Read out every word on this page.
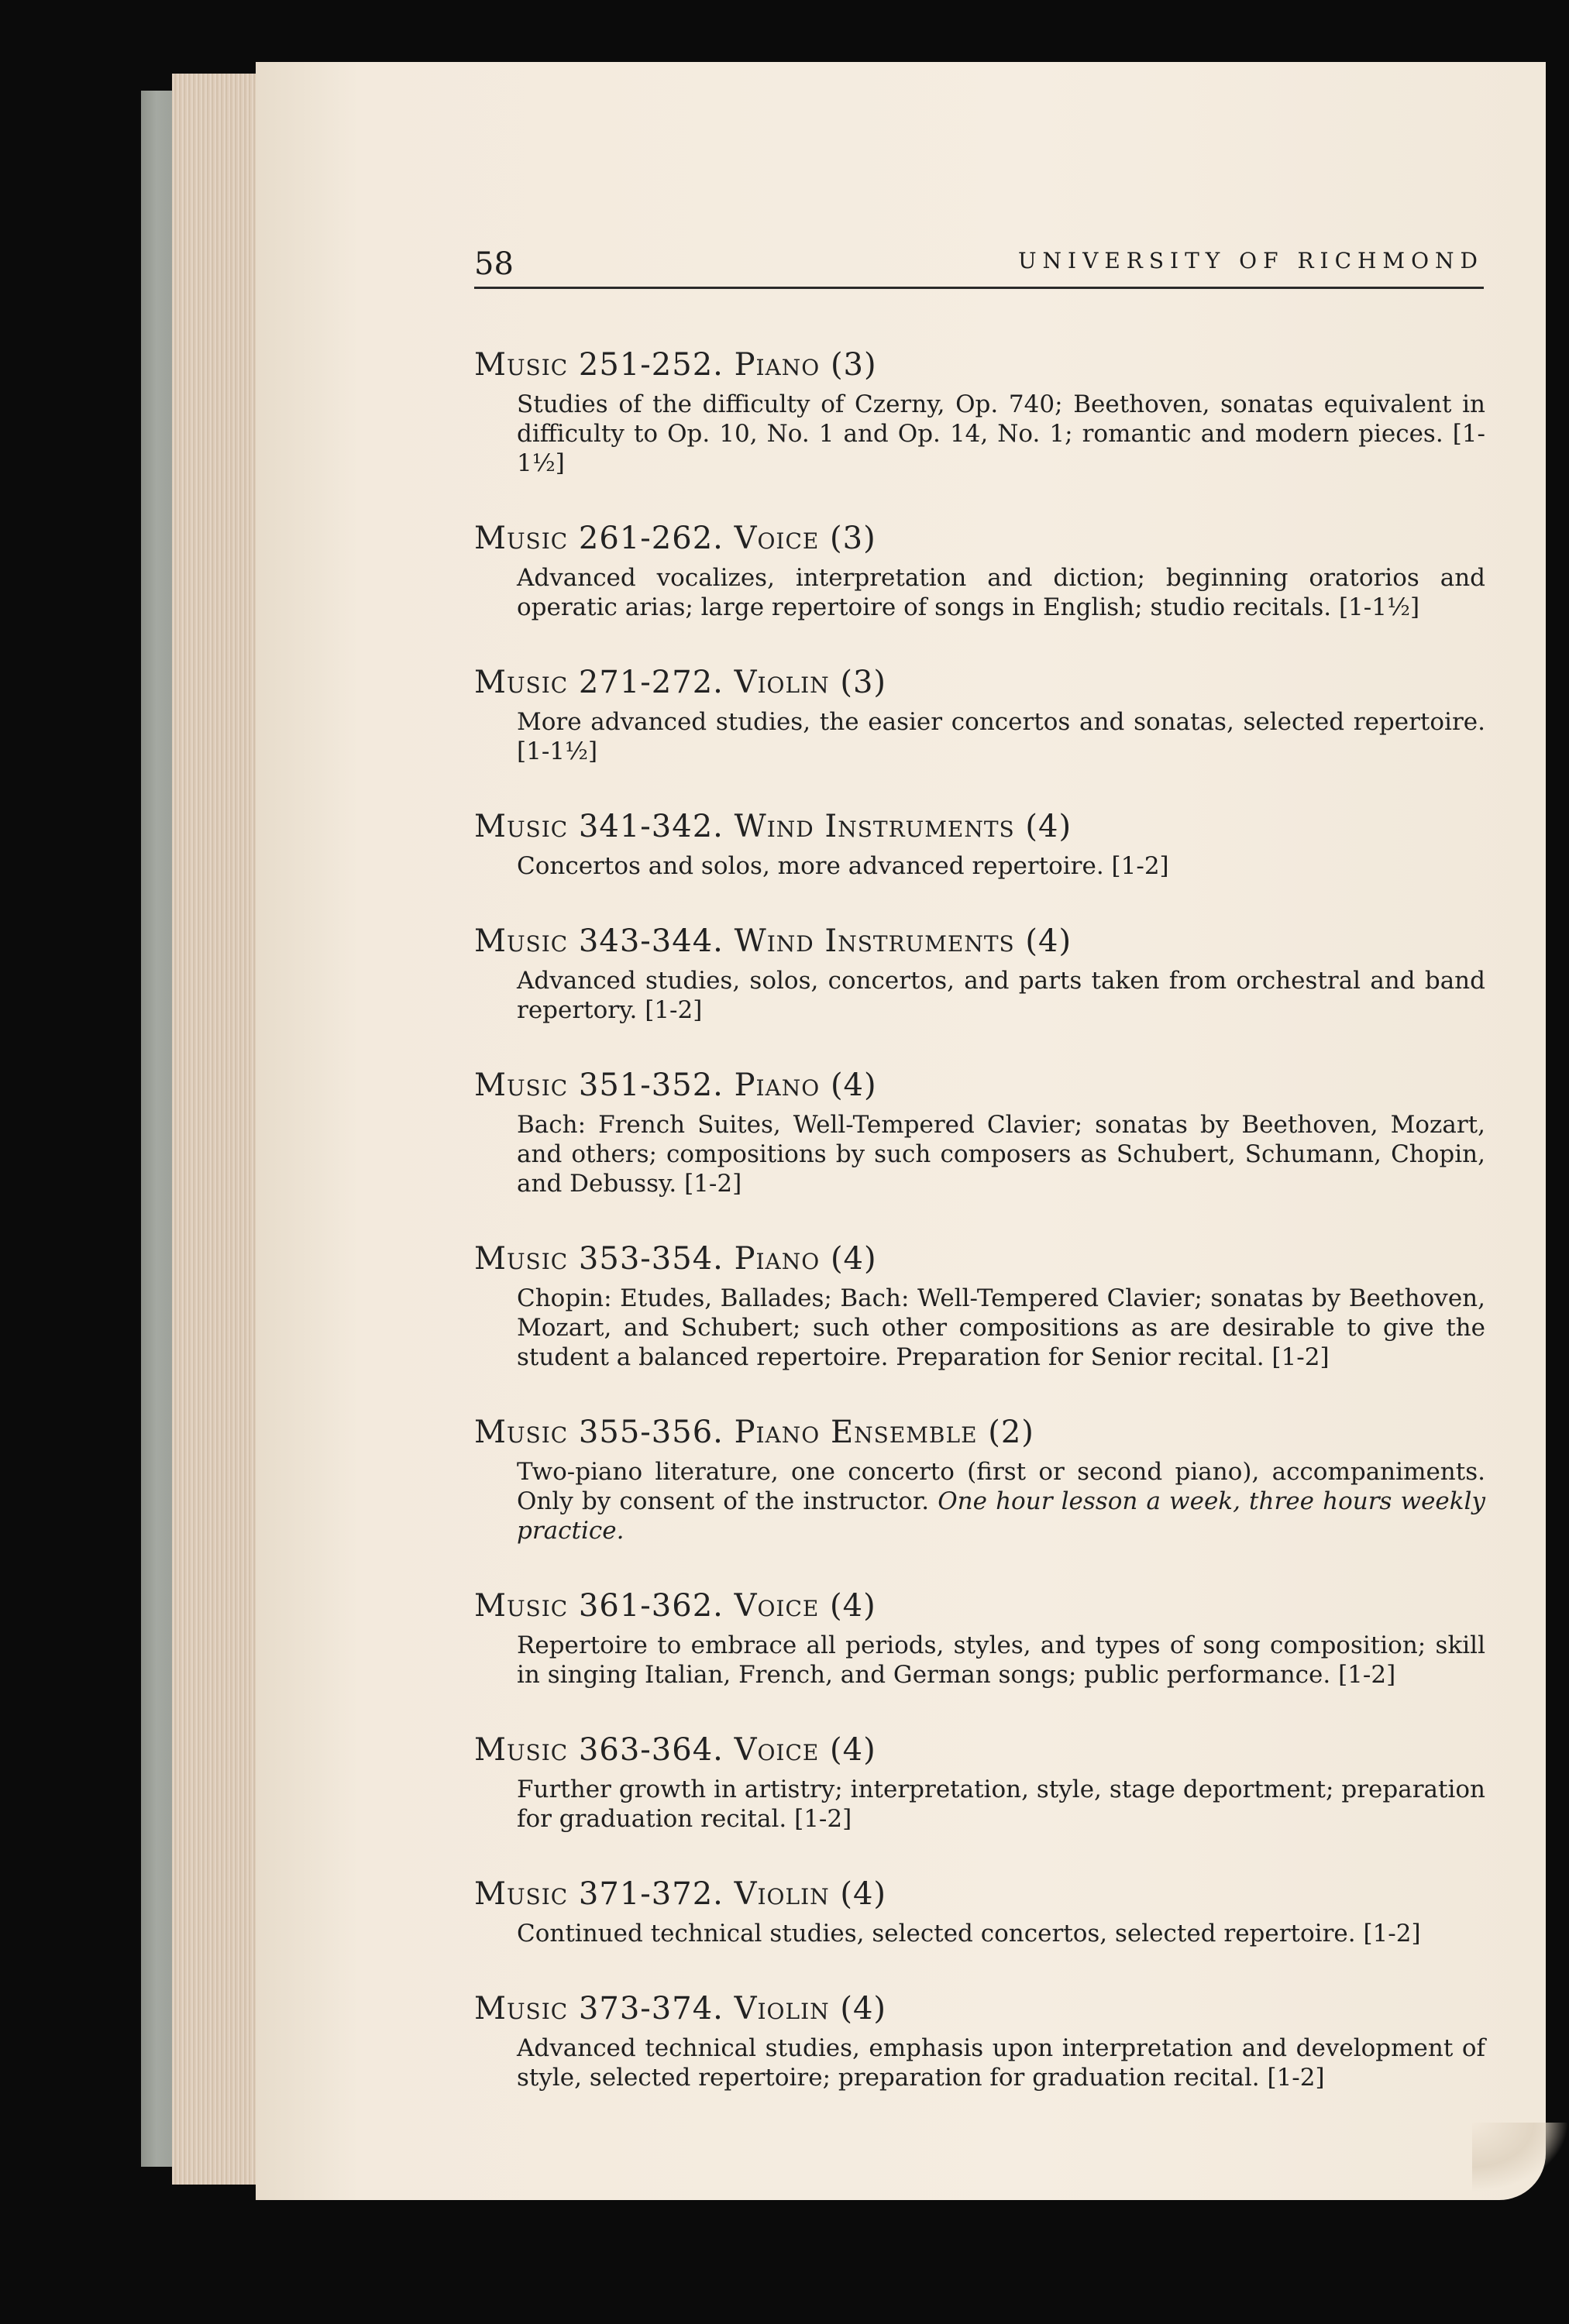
58	UNIVERSITY OF RICHMOND
Music 251-252. Piano (3)
Studies of the difficulty of Czerny, Op. 740; Beethoven, sonatas equivalent in difficulty to Op. 10, No. 1 and Op. 14, No. 1; romantic and modern pieces. [1-1½]
Music 261-262. Voice (3)
Advanced vocalizes, interpretation and diction; beginning oratorios and operatic arias; large repertoire of songs in English; studio recitals. [1-1½]
Music 271-272. Violin (3)
More advanced studies, the easier concertos and sonatas, selected repertoire. [1-1½]
Music 341-342. Wind Instruments (4)
Concertos and solos, more advanced repertoire. [1-2]
Music 343-344. Wind Instruments (4)
Advanced studies, solos, concertos, and parts taken from orchestral and band repertory. [1-2]
Music 351-352. Piano (4)
Bach: French Suites, Well-Tempered Clavier; sonatas by Beethoven, Mozart, and others; compositions by such composers as Schubert, Schumann, Chopin, and Debussy. [1-2]
Music 353-354. Piano (4)
Chopin: Etudes, Ballades; Bach: Well-Tempered Clavier; sonatas by Beethoven, Mozart, and Schubert; such other compositions as are desirable to give the student a balanced repertoire. Preparation for Senior recital. [1-2]
Music 355-356. Piano Ensemble (2)
Two-piano literature, one concerto (first or second piano), accompaniments. Only by consent of the instructor. One hour lesson a week, three hours weekly practice.
Music 361-362. Voice (4)
Repertoire to embrace all periods, styles, and types of song composition; skill in singing Italian, French, and German songs; public performance. [1-2]
Music 363-364. Voice (4)
Further growth in artistry; interpretation, style, stage deportment; preparation for graduation recital. [1-2]
Music 371-372. Violin (4)
Continued technical studies, selected concertos, selected repertoire. [1-2]
Music 373-374. Violin (4)
Advanced technical studies, emphasis upon interpretation and development of style, selected repertoire; preparation for graduation recital. [1-2]
